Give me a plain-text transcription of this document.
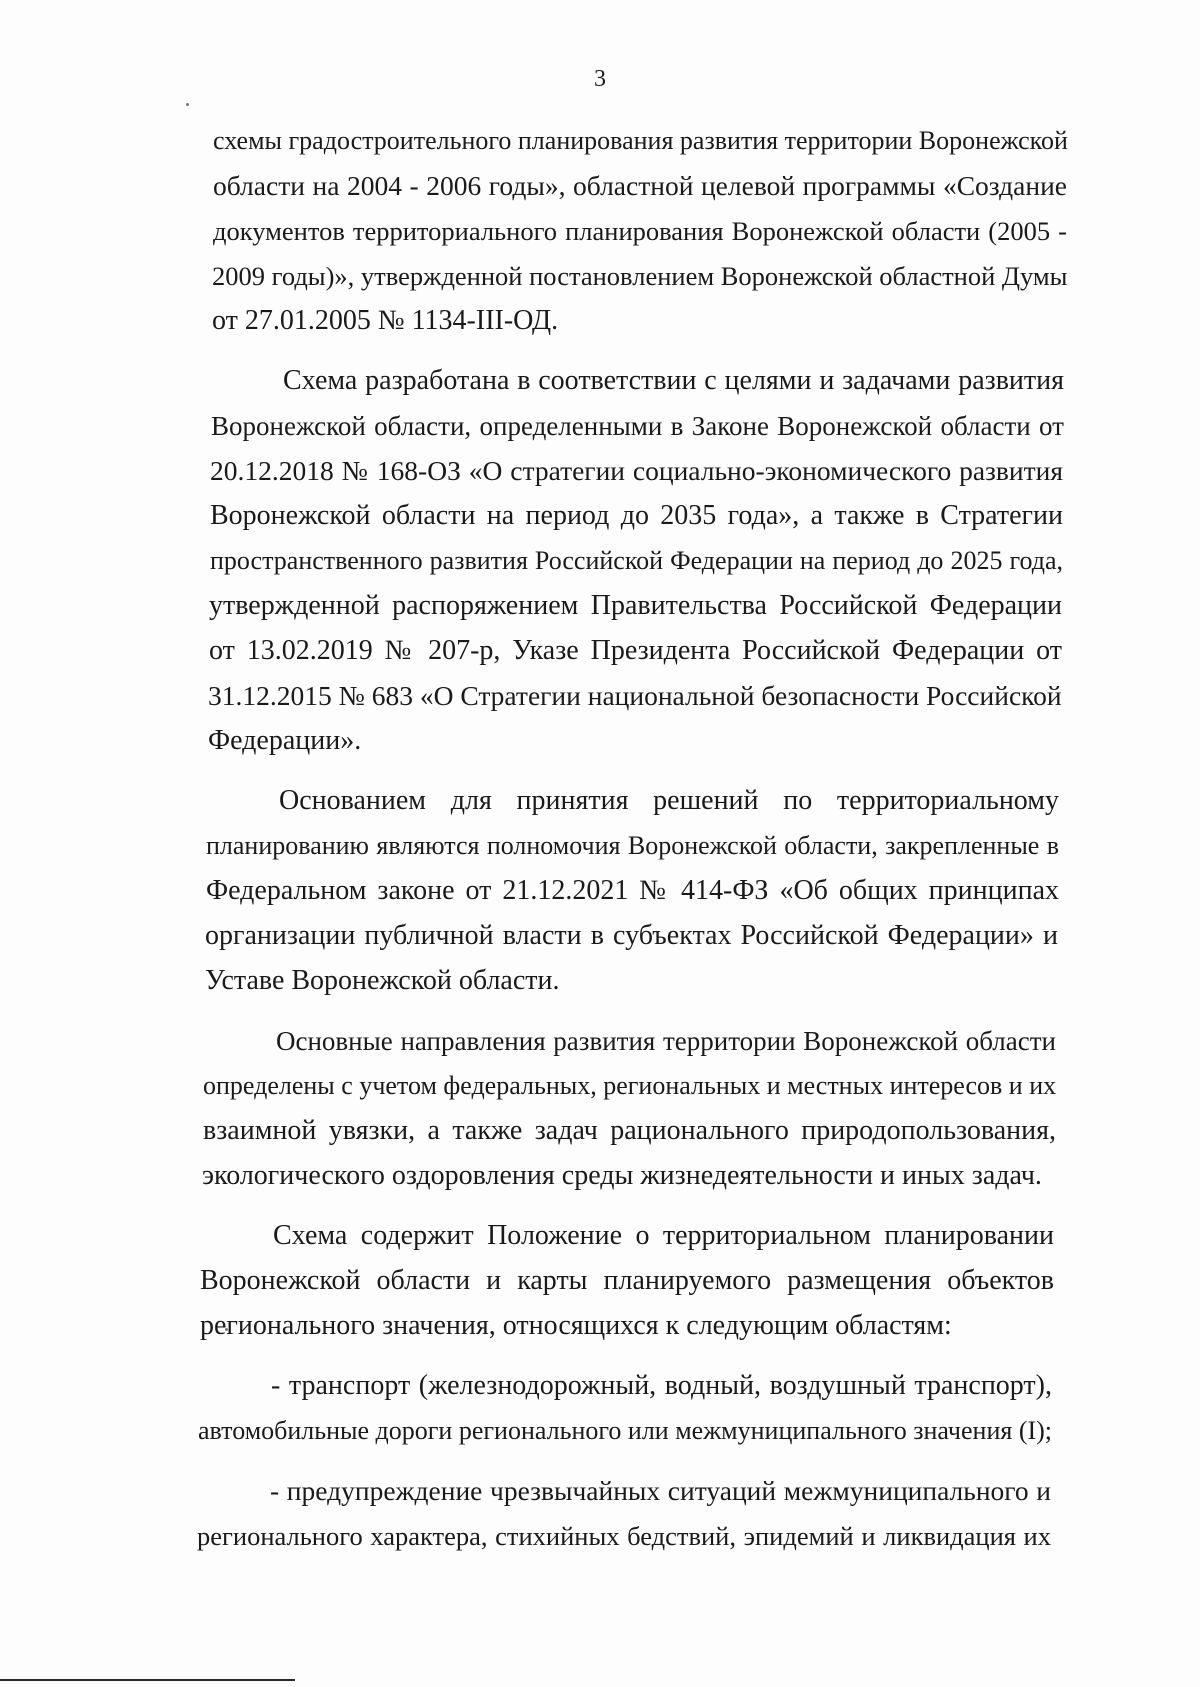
3
схемы градостроительного планирования развития территории Воронежской
области на 2004 - 2006 годы», областной целевой программы «Создание
документов территориального планирования Воронежской области (2005 -
2009 годы)», утвержденной постановлением Воронежской областной Думы
от 27.01.2005 № 1134-III-ОД.
Схема разработана в соответствии с целями и задачами развития
Воронежской области, определенными в Законе Воронежской области от
20.12.2018 № 168-ОЗ «О стратегии социально-экономического развития
Воронежской области на период до 2035 года», а также в Стратегии
пространственного развития Российской Федерации на период до 2025 года,
утвержденной распоряжением Правительства Российской Федерации
от 13.02.2019 № 207-р, Указе Президента Российской Федерации от
31.12.2015 № 683 «О Стратегии национальной безопасности Российской
Федерации».
Основанием для принятия решений по территориальному
планированию являются полномочия Воронежской области, закрепленные в
Федеральном законе от 21.12.2021 № 414-ФЗ «Об общих принципах
организации публичной власти в субъектах Российской Федерации» и
Уставе Воронежской области.
Основные направления развития территории Воронежской области
определены с учетом федеральных, региональных и местных интересов и их
взаимной увязки, а также задач рационального природопользования,
экологического оздоровления среды жизнедеятельности и иных задач.
Схема содержит Положение о территориальном планировании
Воронежской области и карты планируемого размещения объектов
регионального значения, относящихся к следующим областям:
- транспорт (железнодорожный, водный, воздушный транспорт),
автомобильные дороги регионального или межмуниципального значения (I);
- предупреждение чрезвычайных ситуаций межмуниципального и
регионального характера, стихийных бедствий, эпидемий и ликвидация их
